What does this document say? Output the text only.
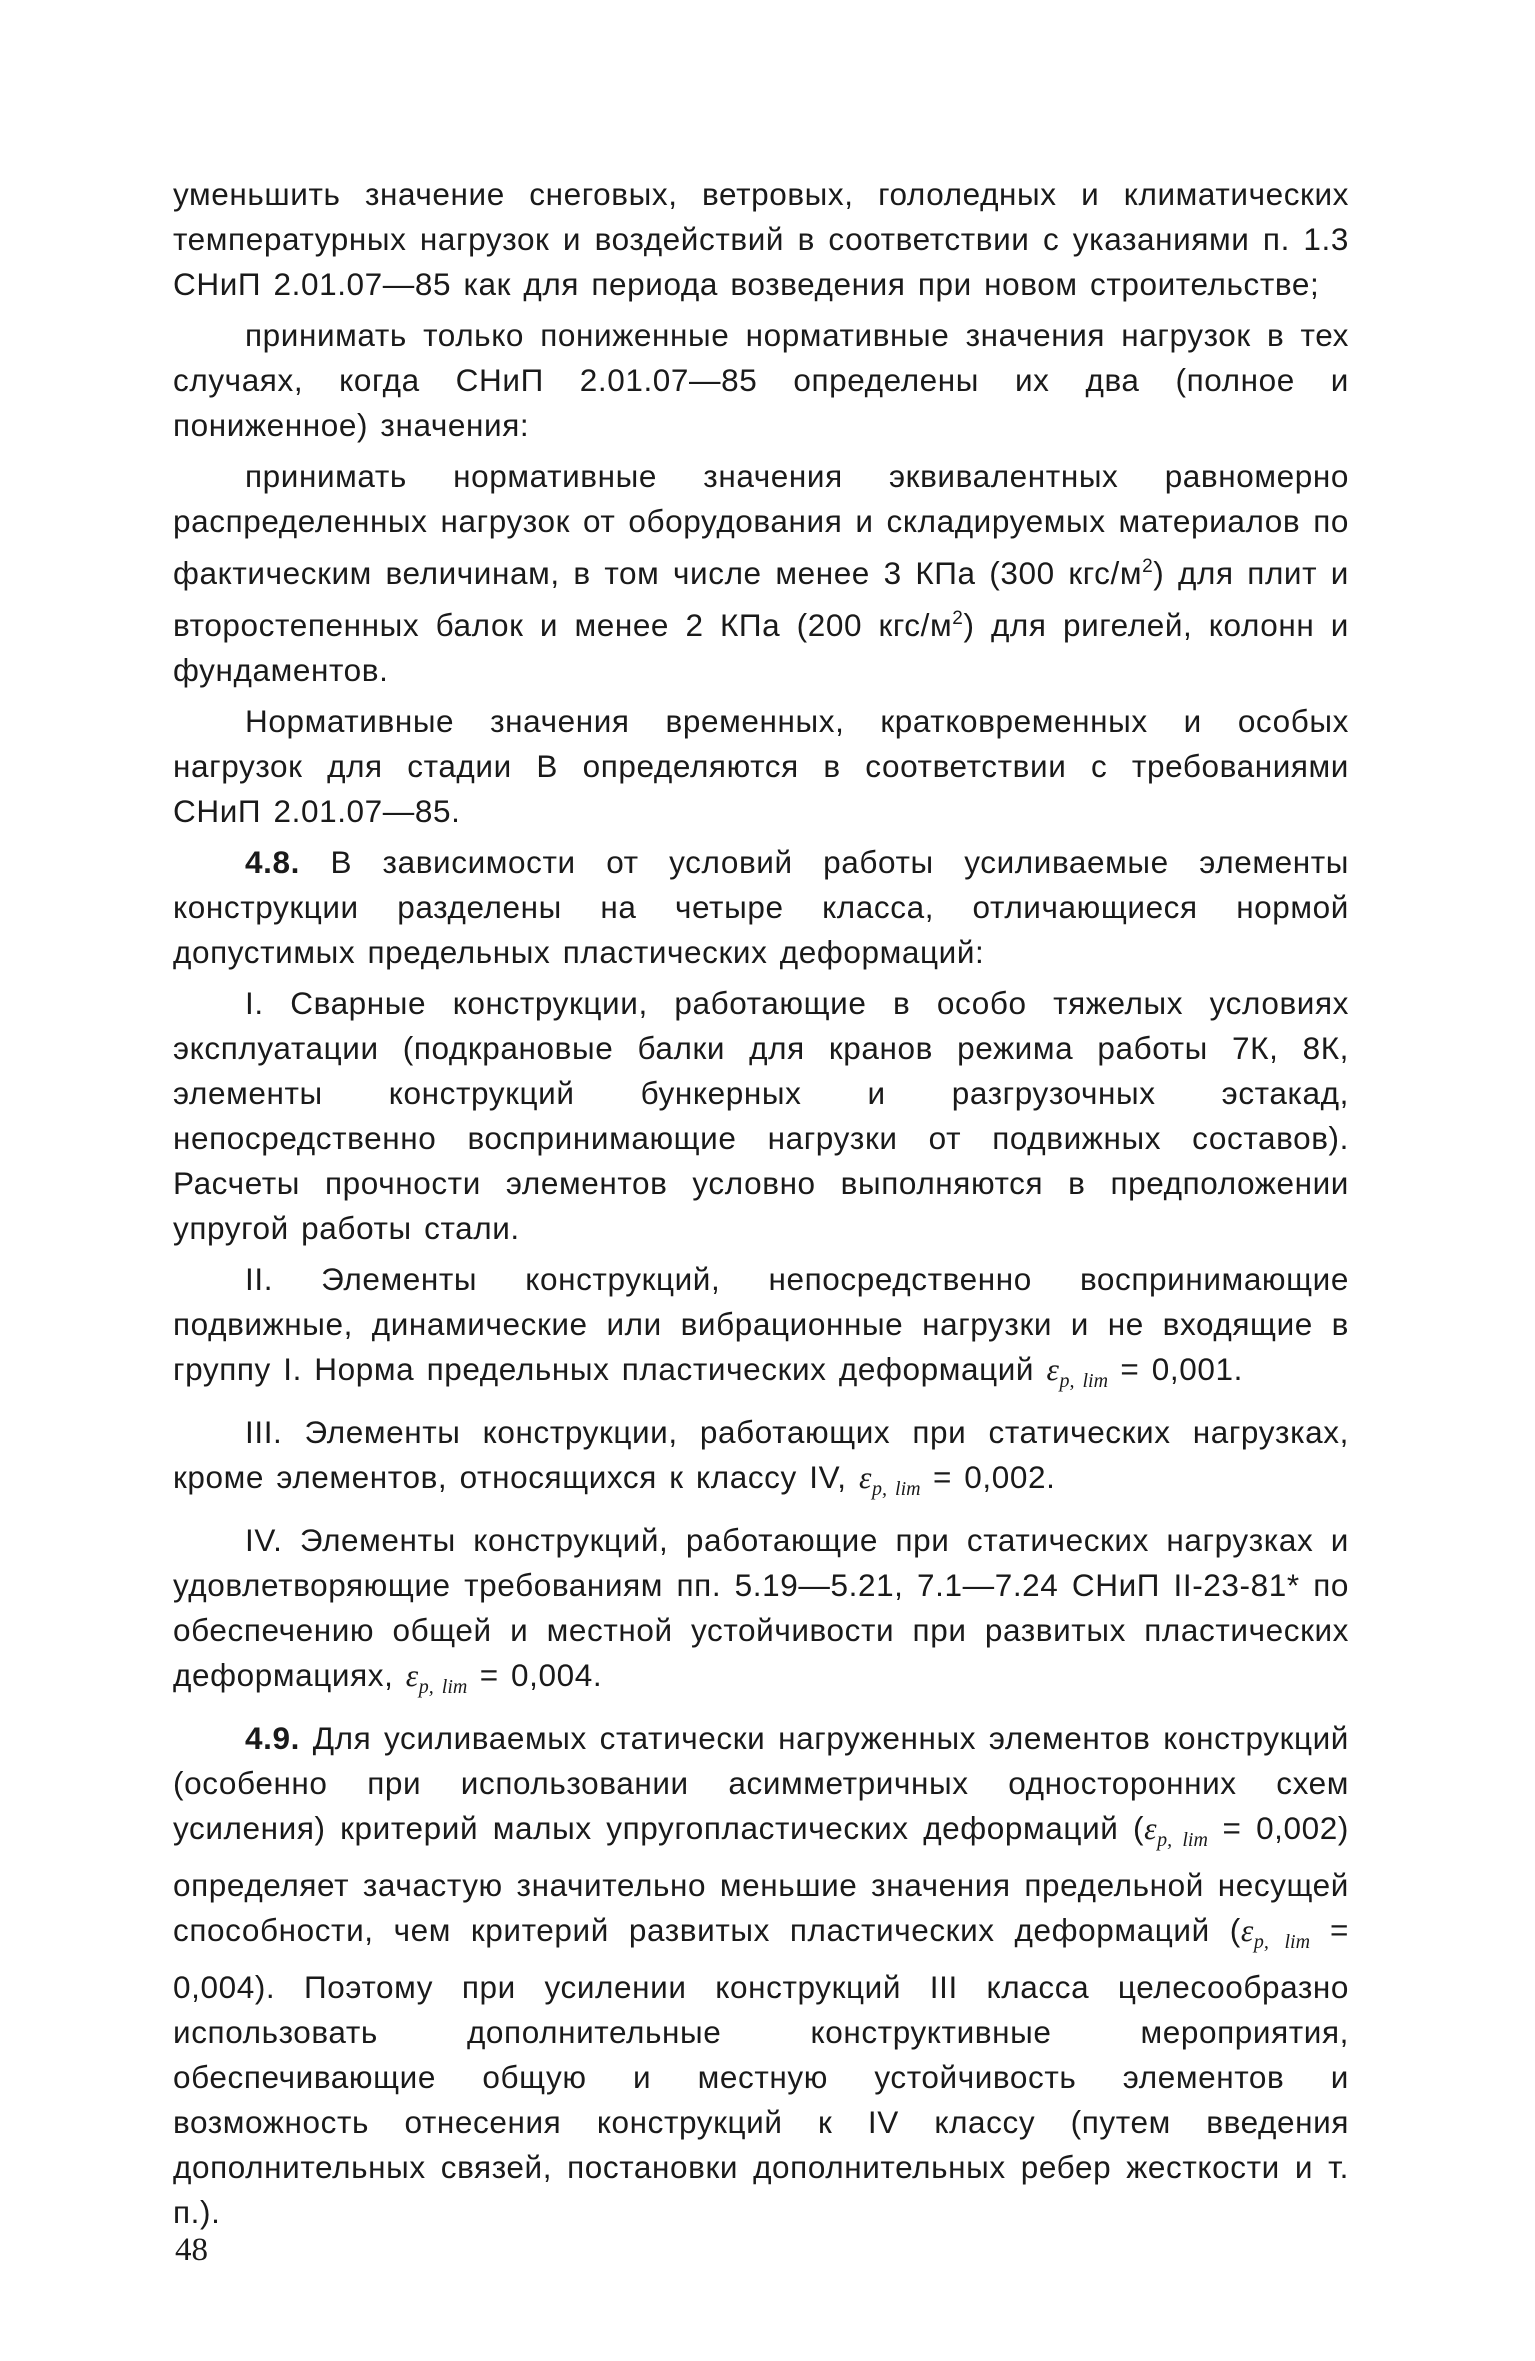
уменьшить значение снеговых, ветровых, гололедных и климатических температурных нагрузок и воздействий в соответствии с указаниями п. 1.3 СНиП 2.01.07—85 как для периода возведения при новом строительстве;

принимать только пониженные нормативные значения нагрузок в тех случаях, когда СНиП 2.01.07—85 определены их два (полное и пониженное) значения:

принимать нормативные значения эквивалентных равномерно распределенных нагрузок от оборудования и складируемых материалов по фактическим величинам, в том числе менее 3 КПа (300 кгс/$м^2$) для плит и второстепенных балок и менее 2 КПа (200 кгс/$м^2$) для ригелей, колонн и фундаментов.

Нормативные значения временных, кратковременных и особых нагрузок для стадии В определяются в соответствии с требованиями СНиП 2.01.07—85.

4.8. В зависимости от условий работы усиливаемые элементы конструкции разделены на четыре класса, отличающиеся нормой допустимых предельных пластических деформаций:

I. Сварные конструкции, работающие в особо тяжелых условиях эксплуатации (подкрановые балки для кранов режима работы 7К, 8К, элементы конструкций бункерных и разгрузочных эстакад, непосредственно воспринимающие нагрузки от подвижных составов). Расчеты прочности элементов условно выполняются в предположении упругой работы стали.

II. Элементы конструкций, непосредственно воспринимающие подвижные, динамические или вибрационные нагрузки и не входящие в группу I. Норма предельных пластических деформаций $\varepsilon_{p, lim} = 0,001$.

III. Элементы конструкции, работающих при статических нагрузках, кроме элементов, относящихся к классу IV, $\varepsilon_{p, lim} = 0,002$.

IV. Элементы конструкций, работающие при статических нагрузках и удовлетворяющие требованиям пп. 5.19—5.21, 7.1—7.24 СНиП II-23-81* по обеспечению общей и местной устойчивости при развитых пластических деформациях, $\varepsilon_{p, lim} = 0,004$.

4.9. Для усиливаемых статически нагруженных элементов конструкций (особенно при использовании асимметричных односторонних схем усиления) критерий малых упругопластических деформаций $(\varepsilon_{p, lim} = 0,002)$ определяет зачастую значительно меньшие значения предельной несущей способности, чем критерий развитых пластических деформаций $(\varepsilon_{p, lim} = 0,004)$. Поэтому при усилении конструкций III класса целесообразно использовать дополнительные конструктивные мероприятия, обеспечивающие общую и местную устойчивость элементов и возможность отнесения конструкций к IV классу (путем введения дополнительных связей, постановки дополнительных ребер жесткости и т. п.).

48
